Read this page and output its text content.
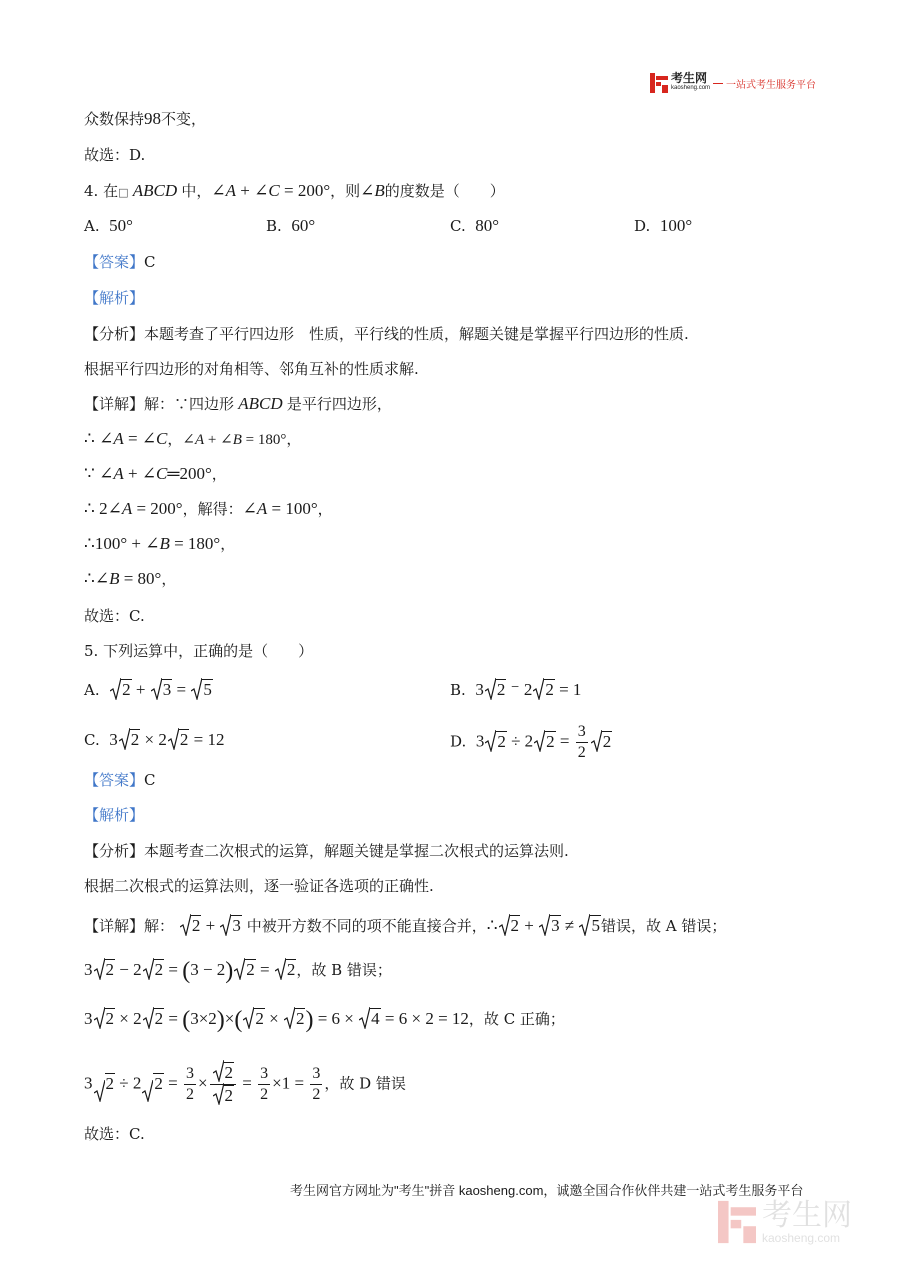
考生网
kaosheng.com 一站式考生服务平台
众数保持98不变，
故选：D.
4. 在□ ABCD 中，∠A + ∠C = 200°，则∠B的度数是（　　）
A. 50°	B. 60°	C. 80°	D. 100°
【答案】C
【解析】
【分析】本题考查了平行四边形　性质，平行线的性质，解题关键是掌握平行四边形的性质.
根据平行四边形的对角相等、邻角互补的性质求解.
【详解】解：∵四边形 ABCD 是平行四边形，
∴ ∠A = ∠C，∠A + ∠B = 180°，
∵ ∠A + ∠C═200°，
∴ 2∠A = 200°，解得：∠A = 100°，
∴100° + ∠B = 180°，
∴∠B = 80°，
故选：C.
5. 下列运算中，正确的是（　　）
A. 2 +
3 =
5	B. 3 2 ⁻ 2 2 = 1
C. 3 2 × 2 2 = 12	D. 3 2 ÷ 2 $2 = \frac{3}{2} 2$
【答案】C
【解析】
【分析】本题考查二次根式的运算，解题关键是掌握二次根式的运算法则.
根据二次根式的运算法则，逐一验证各选项的正确性.
【详解】解： 2 +
3 中被开方数不同的项不能直接合并，∴ 2 +
3 ≠
5错误，故 A 错误；
3 2 − 2 2 = (3 − 2) 2 =
2，故 B 错误；
3 2 × 2 2 = (3×2)×( 2 ×
2) = 6 ×
4 = 6 × 2 = 12，故 C 正确；
3 2 ÷ 2 $2 = \frac{3}{2} \times \frac{2}{2} = \frac{3}{2} \times 1 = \frac{3}{2}$ ，故 D 错误
故选：C.
考生网官方网址为"考生"拼音 kaosheng.com，诚邀全国合作伙伴共建一站式考生服务平台
考生网
kaosheng.com
